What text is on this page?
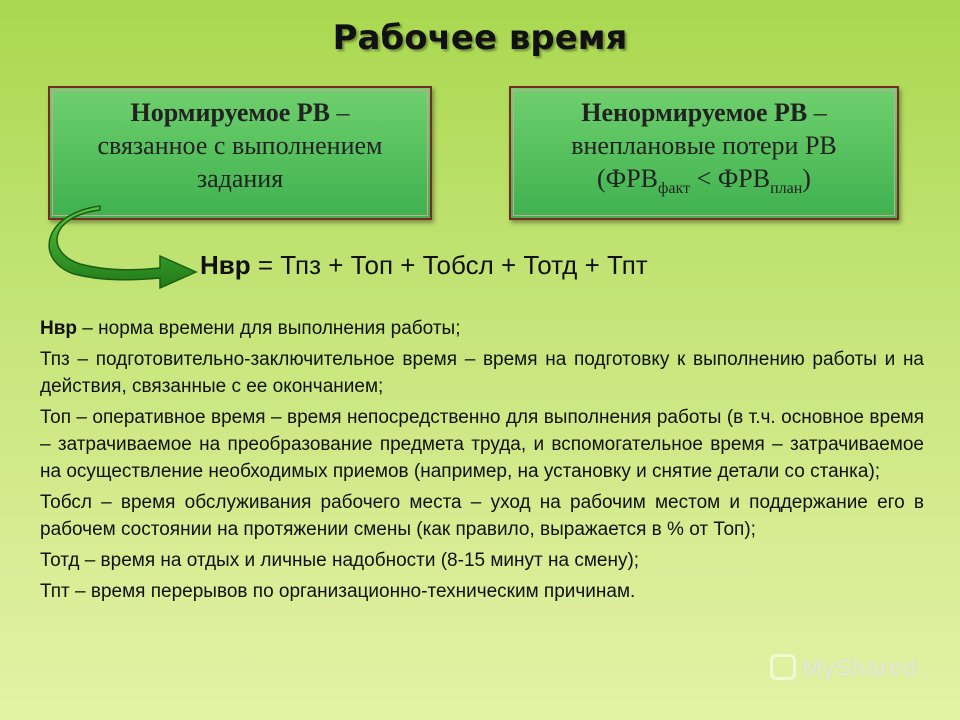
Рабочее время
Нормируемое РВ –
связанное с выполнением
задания
Ненормируемое РВ –
внеплановые потери РВ
$(ФРВ_{факт} < ФРВ_{план})$
Нвр = Тпз + Топ + Тобсл + Тотд + Тпт

Нвр – норма времени для выполнения работы;

Тпз – подготовительно-заключительное время – время на подготовку к выполнению работы и на действия, связанные с ее окончанием;

Топ – оперативное время – время непосредственно для выполнения работы (в т.ч. основное время – затрачиваемое на преобразование предмета труда, и вспомогательное время – затрачиваемое на осуществление необходимых приемов (например, на установку и снятие детали со станка);

Тобсл – время обслуживания рабочего места – уход на рабочим местом и поддержание его в рабочем состоянии на протяжении смены (как правило, выражается в % от Топ);

Тотд – время на отдых и личные надобности (8-15 минут на смену);

Тпт – время перерывов по организационно-техническим причинам.

MyShared
